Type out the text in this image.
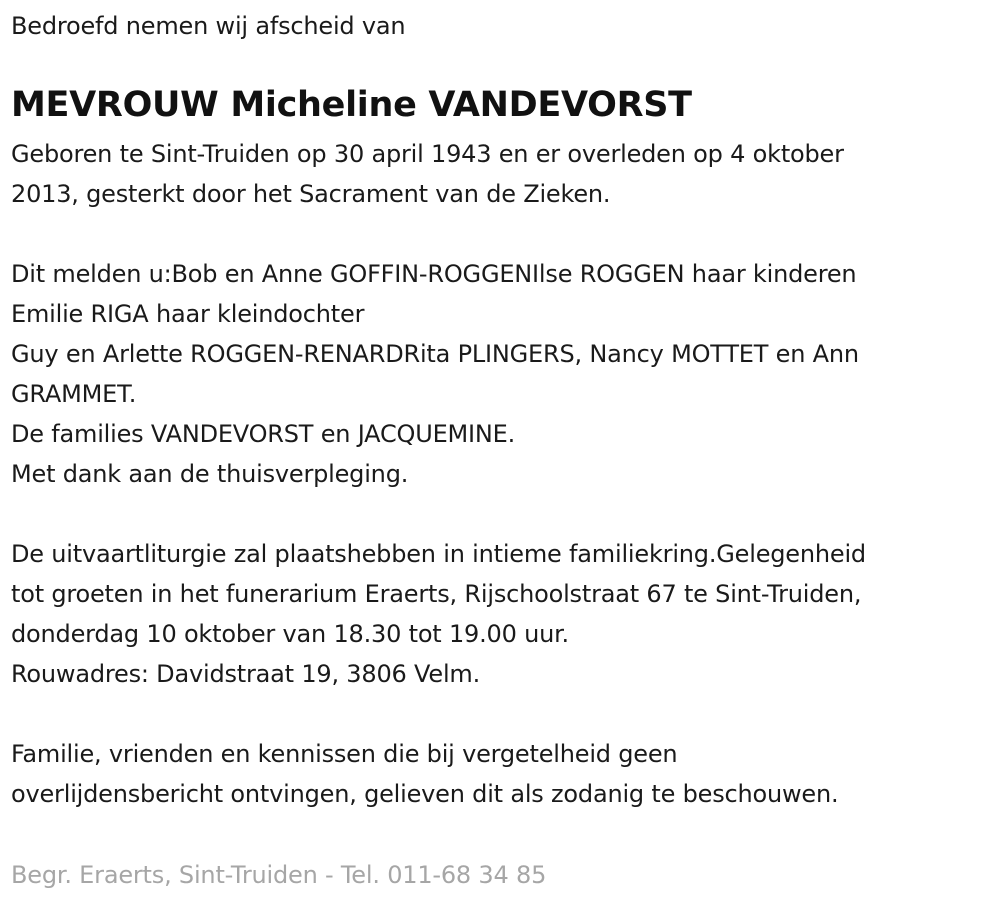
Bedroefd nemen wij afscheid van
MEVROUW Micheline VANDEVORST
Geboren te Sint-Truiden op 30 april 1943 en er overleden op 4 oktober
2013, gesterkt door het Sacrament van de Zieken.
Dit melden u:Bob en Anne GOFFIN-ROGGENIlse ROGGEN haar kinderen
Emilie RIGA haar kleindochter
Guy en Arlette ROGGEN-RENARDRita PLINGERS, Nancy MOTTET en Ann
GRAMMET.
De families VANDEVORST en JACQUEMINE.
Met dank aan de thuisverpleging.
De uitvaartliturgie zal plaatshebben in intieme familiekring.Gelegenheid
tot groeten in het funerarium Eraerts, Rijschoolstraat 67 te Sint-Truiden,
donderdag 10 oktober van 18.30 tot 19.00 uur.
Rouwadres: Davidstraat 19, 3806 Velm.
Familie, vrienden en kennissen die bij vergetelheid geen
overlijdensbericht ontvingen, gelieven dit als zodanig te beschouwen.
Begr. Eraerts, Sint-Truiden - Tel. 011-68 34 85
